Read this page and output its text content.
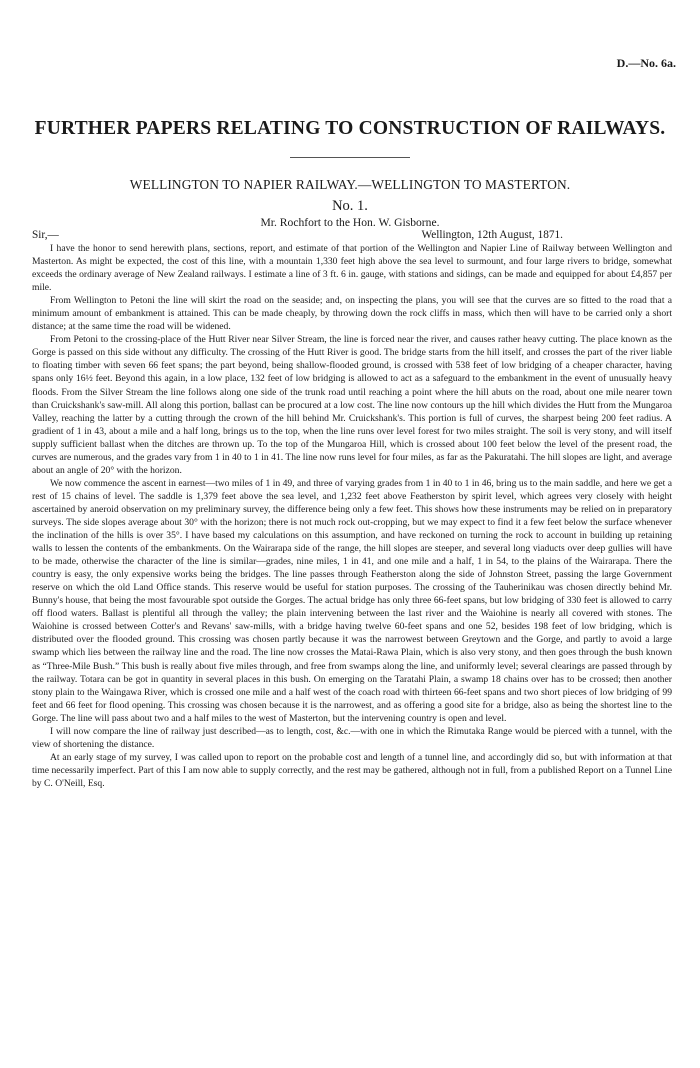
D.—No. 6a.
FURTHER PAPERS RELATING TO CONSTRUCTION OF RAILWAYS.
WELLINGTON TO NAPIER RAILWAY.—WELLINGTON TO MASTERTON.
No. 1.
Mr. Rochfort to the Hon. W. Gisborne.
Sir,—	Wellington, 12th August, 1871.

I have the honor to send herewith plans, sections, report, and estimate of that portion of the Wellington and Napier Line of Railway between Wellington and Masterton. As might be expected, the cost of this line, with a mountain 1,330 feet high above the sea level to surmount, and four large rivers to bridge, somewhat exceeds the ordinary average of New Zealand railways. I estimate a line of 3 ft. 6 in. gauge, with stations and sidings, can be made and equipped for about £4,857 per mile.

From Wellington to Petoni the line will skirt the road on the seaside; and, on inspecting the plans, you will see that the curves are so fitted to the road that a minimum amount of embankment is attained. This can be made cheaply, by throwing down the rock cliffs in mass, which then will have to be carried only a short distance; at the same time the road will be widened.

From Petoni to the crossing-place of the Hutt River near Silver Stream, the line is forced near the river, and causes rather heavy cutting. The place known as the Gorge is passed on this side without any difficulty. The crossing of the Hutt River is good. The bridge starts from the hill itself, and crosses the part of the river liable to floating timber with seven 66 feet spans; the part beyond, being shallow-flooded ground, is crossed with 538 feet of low bridging of a cheaper character, having spans only 16½ feet. Beyond this again, in a low place, 132 feet of low bridging is allowed to act as a safeguard to the embankment in the event of unusually heavy floods. From the Silver Stream the line follows along one side of the trunk road until reaching a point where the hill abuts on the road, about one mile nearer town than Cruickshank's saw-mill. All along this portion, ballast can be procured at a low cost. The line now contours up the hill which divides the Hutt from the Mungaroa Valley, reaching the latter by a cutting through the crown of the hill behind Mr. Cruickshank's. This portion is full of curves, the sharpest being 200 feet radius. A gradient of 1 in 43, about a mile and a half long, brings us to the top, when the line runs over level forest for two miles straight. The soil is very stony, and will itself supply sufficient ballast when the ditches are thrown up. To the top of the Mungaroa Hill, which is crossed about 100 feet below the level of the present road, the curves are numerous, and the grades vary from 1 in 40 to 1 in 41. The line now runs level for four miles, as far as the Pakuratahi. The hill slopes are light, and average about an angle of 20° with the horizon.

We now commence the ascent in earnest—two miles of 1 in 49, and three of varying grades from 1 in 40 to 1 in 46, bring us to the main saddle, and here we get a rest of 15 chains of level. The saddle is 1,379 feet above the sea level, and 1,232 feet above Featherston by spirit level, which agrees very closely with height ascertained by aneroid observation on my preliminary survey, the difference being only a few feet. This shows how these instruments may be relied on in preparatory surveys. The side slopes average about 30° with the horizon; there is not much rock out-cropping, but we may expect to find it a few feet below the surface whenever the inclination of the hills is over 35°. I have based my calculations on this assumption, and have reckoned on turning the rock to account in building up retaining walls to lessen the contents of the embankments. On the Wairarapa side of the range, the hill slopes are steeper, and several long viaducts over deep gullies will have to be made, otherwise the character of the line is similar—grades, nine miles, 1 in 41, and one mile and a half, 1 in 54, to the plains of the Wairarapa. There the country is easy, the only expensive works being the bridges. The line passes through Featherston along the side of Johnston Street, passing the large Government reserve on which the old Land Office stands. This reserve would be useful for station purposes. The crossing of the Tauherinikau was chosen directly behind Mr. Bunny's house, that being the most favourable spot outside the Gorges. The actual bridge has only three 66-feet spans, but low bridging of 330 feet is allowed to carry off flood waters. Ballast is plentiful all through the valley; the plain intervening between the last river and the Waiohine is nearly all covered with stones. The Waiohine is crossed between Cotter's and Revans' saw-mills, with a bridge having twelve 60-feet spans and one 52, besides 198 feet of low bridging, which is distributed over the flooded ground. This crossing was chosen partly because it was the narrowest between Greytown and the Gorge, and partly to avoid a large swamp which lies between the railway line and the road. The line now crosses the Matai-Rawa Plain, which is also very stony, and then goes through the bush known as “Three-Mile Bush.” This bush is really about five miles through, and free from swamps along the line, and uniformly level; several clearings are passed through by the railway. Totara can be got in quantity in several places in this bush. On emerging on the Taratahi Plain, a swamp 18 chains over has to be crossed; then another stony plain to the Waingawa River, which is crossed one mile and a half west of the coach road with thirteen 66-feet spans and two short pieces of low bridging of 99 feet and 66 feet for flood opening. This crossing was chosen because it is the narrowest, and as offering a good site for a bridge, also as being the shortest line to the Gorge. The line will pass about two and a half miles to the west of Masterton, but the intervening country is open and level.

I will now compare the line of railway just described—as to length, cost, &c.—with one in which the Rimutaka Range would be pierced with a tunnel, with the view of shortening the distance.

At an early stage of my survey, I was called upon to report on the probable cost and length of a tunnel line, and accordingly did so, but with information at that time necessarily imperfect. Part of this I am now able to supply correctly, and the rest may be gathered, although not in full, from a published Report on a Tunnel Line by C. O'Neill, Esq.
